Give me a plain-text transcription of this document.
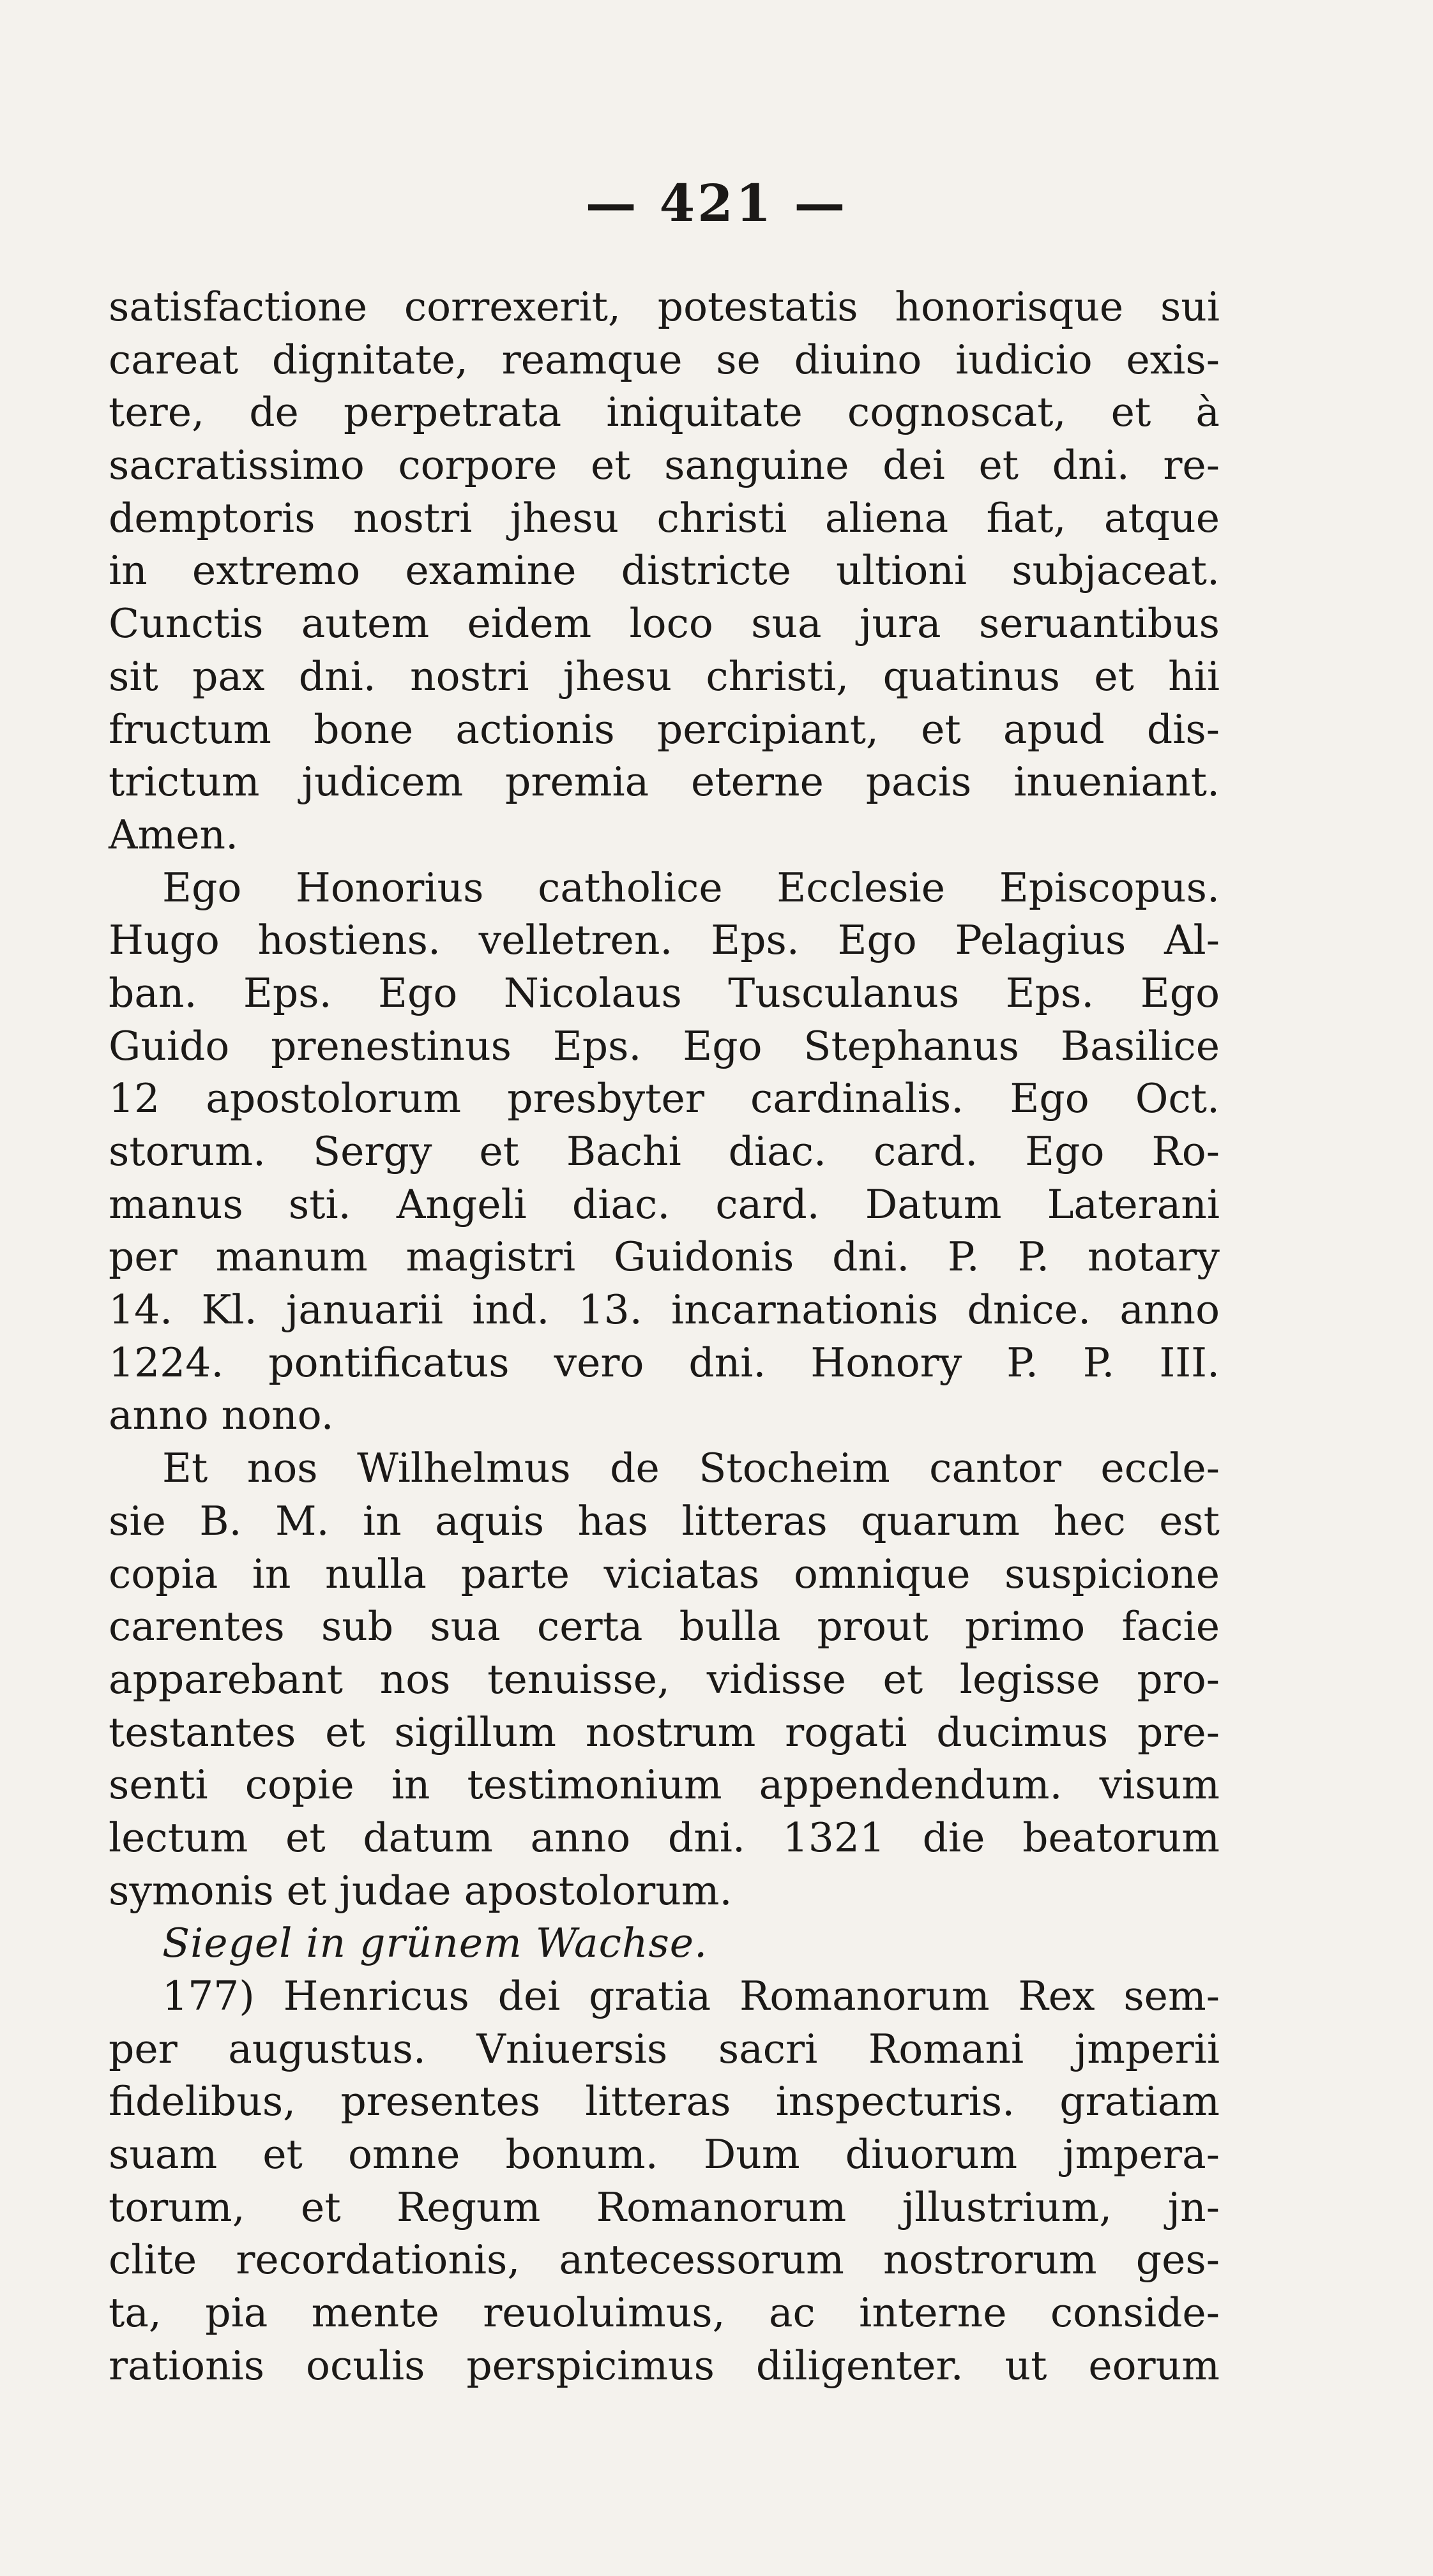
— 421 —
satisfactione correxerit, potestatis honorisque sui
careat dignitate, reamque se diuino iudicio exis-
tere, de perpetrata iniquitate cognoscat, et à
sacratissimo corpore et sanguine dei et dni. re-
demptoris nostri jhesu christi aliena fiat, atque
in extremo examine districte ultioni subjaceat.
Cunctis autem eidem loco sua jura seruantibus
sit pax dni. nostri jhesu christi, quatinus et hii
fructum bone actionis percipiant, et apud dis-
trictum judicem premia eterne pacis inueniant.
Amen.
Ego Honorius catholice Ecclesie Episcopus.
Hugo hostiens. velletren. Eps. Ego Pelagius Al-
ban. Eps. Ego Nicolaus Tusculanus Eps. Ego
Guido prenestinus Eps. Ego Stephanus Basilice
12 apostolorum presbyter cardinalis. Ego Oct.
storum. Sergy et Bachi diac. card. Ego Ro-
manus sti. Angeli diac. card. Datum Laterani
per manum magistri Guidonis dni. P. P. notary
14. Kl. januarii ind. 13. incarnationis dnice. anno
1224. pontificatus vero dni. Honory P. P. III.
anno nono.
Et nos Wilhelmus de Stocheim cantor eccle-
sie B. M. in aquis has litteras quarum hec est
copia in nulla parte viciatas omnique suspicione
carentes sub sua certa bulla prout primo facie
apparebant nos tenuisse, vidisse et legisse pro-
testantes et sigillum nostrum rogati ducimus pre-
senti copie in testimonium appendendum. visum
lectum et datum anno dni. 1321 die beatorum
symonis et judae apostolorum.
Siegel in grünem Wachse.
177) Henricus dei gratia Romanorum Rex sem-
per augustus. Vniuersis sacri Romani jmperii
fidelibus, presentes litteras inspecturis. gratiam
suam et omne bonum. Dum diuorum jmpera-
torum, et Regum Romanorum jllustrium, jn-
clite recordationis, antecessorum nostrorum ges-
ta, pia mente reuoluimus, ac interne conside-
rationis oculis perspicimus diligenter. ut eorum
